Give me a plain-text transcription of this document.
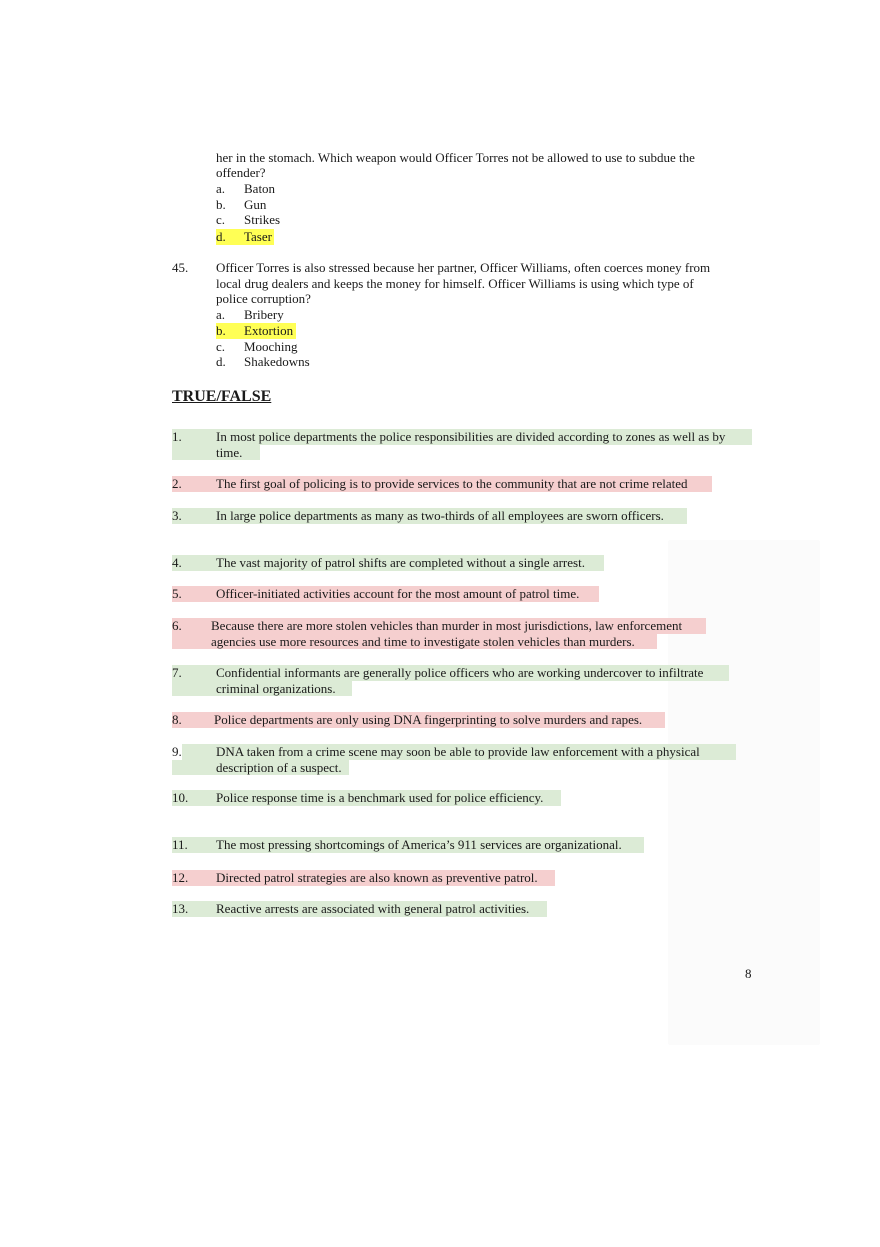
her in the stomach. Which weapon would Officer Torres not be allowed to use to subdue the
offender?
a. Baton
b. Gun
c. Strikes
d. Taser
45. Officer Torres is also stressed because her partner, Officer Williams, often coerces money from
local drug dealers and keeps the money for himself. Officer Williams is using which type of
police corruption?
a. Bribery
b. Extortion
c. Mooching
d. Shakedowns
TRUE/FALSE

1.	In most police departments the police responsibilities are divided according to zones as well as by

time.

2.	The first goal of policing is to provide services to the community that are not crime related

3.	In large police departments as many as two-thirds of all employees are sworn officers.

4.	The vast majority of patrol shifts are completed without a single arrest.

5.	Officer-initiated activities account for the most amount of patrol time.

6. Because there are more stolen vehicles than murder in most jurisdictions, law enforcement

agencies use more resources and time to investigate stolen vehicles than murders.

7.	Confidential informants are generally police officers who are working undercover to infiltrate

criminal organizations.

8. Police departments are only using DNA fingerprinting to solve murders and rapes.

9.	DNA taken from a crime scene may soon be able to provide law enforcement with a physical

description of a suspect.

10. Police response time is a benchmark used for police efficiency.

11. The most pressing shortcomings of America’s 911 services are organizational.

12. Directed patrol strategies are also known as preventive patrol.

13. Reactive arrests are associated with general patrol activities.
8
